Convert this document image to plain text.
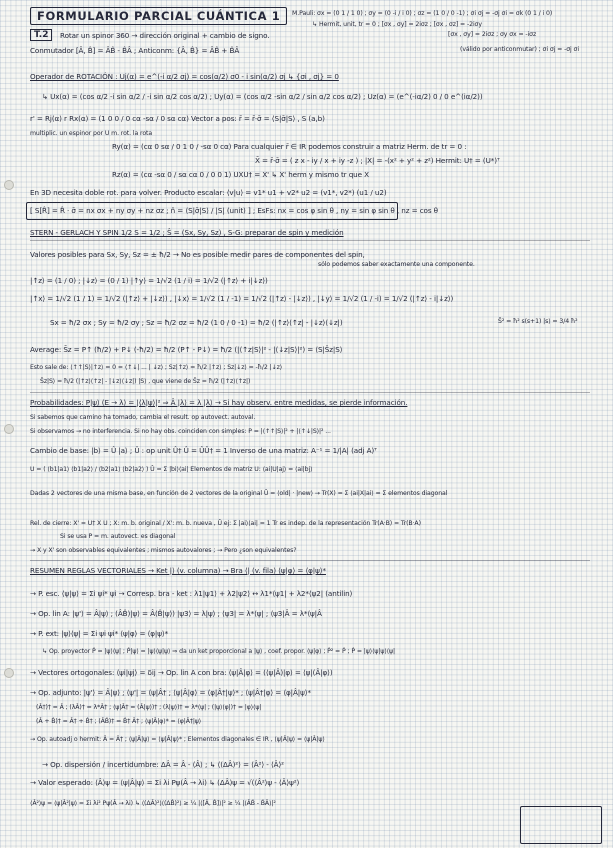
FORMULARIO PARCIAL CUÁNTICA 1
T.2
M.Pauli: σx = (0 1 / 1 0) ; σy = (0 -i / i 0) ; σz = (1 0 / 0 -1) ; σi σj = -σj σi = σk (0 1 / i 0)
↳ Hermit, unit, tr = 0 ; [σx , σy] = 2iσz ; [σx , σz] = -2iσy
Rotar un spinor 360 → dirección original + cambio de signo.	[σx , σy] = 2iσz ; σy σx = -iσz
Conmutador [Â, B̂] = ÂB̂ - B̂Â ; Anticonm: {Â, B̂} = ÂB̂ + B̂Â	(válido por anticonmutar) ; σi σj = -σj σi
Operador de ROTACIÓN : Uj(α) = e^(-i α/2 σj) = cos(α/2) σ0 - i sin(α/2) σj ↳ {σi , σj} = 0
↳ Ux(α) = (cos α/2 -i sin α/2 / -i sin α/2 cos α/2) ; Uy(α) = (cos α/2 -sin α/2 / sin α/2 cos α/2) ; Uz(α) = (e^(-iα/2) 0 / 0 e^(iα/2))
r' = Rj(α) r Rx(α) = (1 0 0 / 0 cα -sα / 0 sα cα) Vector a pos: r̄ = r̄·σ̄ = ⟨S|σ̄|S⟩ , S (a,b)
multiplic. un espinor por U m. rot. la rota
Ry(α) = (cα 0 sα / 0 1 0 / -sα 0 cα) Para cualquier r̄ ∈ IR podemos construir a matriz Herm. de tr = 0 :
X̄ = r̄·σ̄ = ( z x - iy / x + iy -z ) ; |X| = -(x² + y² + z²) Hermit: U† = (U*)ᵀ
Rz(α) = (cα -sα 0 / sα cα 0 / 0 0 1) UXU† = X' ↳ X' herm y mismo tr que X
En 3D necesita doble rot. para volver. Producto escalar: ⟨v|u⟩ = v1* u1 + v2* u2 = (v1*, v2*) (u1 / u2)
[ S[R̂] = R̂ · σ̄ = nx σx + ny σy + nz σz ; n̂ = ⟨S|σ̄|S⟩ / |S| (unit) ] ; EsFs: nx = cos φ sin θ , ny = sin φ sin θ , nz = cos θ
STERN - GERLACH Y SPIN 1/2 S = 1/2 ; Ŝ = (Sx, Sy, Sz) , S-G: preparar de spin y medición
Valores posibles para Sx, Sy, Sz = ± ħ/2 → No es posible medir pares de componentes del spin,
sólo podemos saber exactamente una componente.
|↑z⟩ = (1 / 0) ; |↓z⟩ = (0 / 1) |↑y⟩ = 1/√2 (1 / i) = 1/√2 (|↑z⟩ + i|↓z⟩)
|↑x⟩ = 1/√2 (1 / 1) = 1/√2 (|↑z⟩ + |↓z⟩) , |↓x⟩ = 1/√2 (1 / -1) = 1/√2 (|↑z⟩ - |↓z⟩) , |↓y⟩ = 1/√2 (1 / -i) = 1/√2 (|↑z⟩ - i|↓z⟩)
Sx = ħ/2 σx ; Sy = ħ/2 σy ; Sz = ħ/2 σz = ħ/2 (1 0 / 0 -1) = ħ/2 (|↑z⟩⟨↑z| - |↓z⟩⟨↓z|)	Ŝ² = ħ² s(s+1) |s⟩ = 3/4 ħ²
Average: S̄z = P↑ (ħ/2) + P↓ (-ħ/2) = ħ/2 (P↑ - P↓) = ħ/2 (|⟨↑z|S⟩|² - |⟨↓z|S⟩|²) = ⟨S|Ŝz|S⟩
Esto sale de: ⟨↑↑|S⟩|↑z⟩ = 0 = ⟨↑↓| ... | ↓z⟩ ; Sz|↑z⟩ = ħ/2 |↑z⟩ ; Sz|↓z⟩ = -ħ/2 |↓z⟩
S̄z|S⟩ = ħ/2 (|↑z⟩⟨↑z| - |↓z⟩⟨↓z|) |S⟩ , que viene de S̄z = ħ/2 (|↑z⟩⟨↑z|)
Probabilidades: P|ψ⟩ (E → λ) = |⟨λ|ψ⟩|² ⇒ Â |λ⟩ = λ |λ⟩ → Si hay observ. entre medidas, se pierde información.
Si sabemos que camino ha tomado, cambia el result. op autovect. autoval.
Si observamos → no interferencia. Si no hay obs. coinciden con simples: P = |⟨↑↑|S⟩|² + |⟨↑↓|S⟩|² ...
Cambio de base: |b⟩ = Û |a⟩ ; Û : op unit Û† Û = ÛÛ† = 1 Inverso de una matriz: A⁻¹ = 1/|A| (adj A)ᵀ
U = ( ⟨b1|a1⟩ ⟨b1|a2⟩ / ⟨b2|a1⟩ ⟨b2|a2⟩ ) Û = Σ |bi⟩⟨ai| Elementos de matriz U: ⟨ai|U|aj⟩ = ⟨ai|bj⟩
Dadas 2 vectores de una misma base, en función de 2 vectores de la original Û = ⟨old| · |new⟩ → Tr(X) = Σ ⟨ai|X|ai⟩ = Σ elementos diagonal
Rel. de cierre: X' = U† X U ; X: m. b. original / X': m. b. nueva , Û ej: Σ |ai⟩⟨ai| = 1 Tr es indep. de la representación Tr(A·B) = Tr(B·A)
Si se usa P = m. autovect. es diagonal
→ X y X' son observables equivalentes ; mismos autovalores ; → Pero ¿son equivalentes?
RESUMEN REGLAS VECTORIALES → Ket |⟩ (v. columna) → Bra ⟨| (v. fila) ⟨ψ|φ⟩ = ⟨φ|ψ⟩*
→ P. esc. ⟨ψ|ψ⟩ = Σi ψi* ψi → Corresp. bra - ket : λ1|ψ1⟩ + λ2|ψ2⟩ ↔ λ1*⟨ψ1| + λ2*⟨ψ2| (antilin)
→ Op. lin A: |ψ'⟩ = Â|ψ⟩ ; (ÂB̂)|ψ⟩ = Â(B̂|ψ⟩) |ψ3⟩ = λ|ψ⟩ ; ⟨ψ3| = λ*⟨ψ| ; ⟨ψ3|Â = λ*⟨ψ|Â
→ P. ext: |ψ⟩⟨ψ| = Σi ψi ψi* ⟨ψ|φ⟩ = ⟨φ|ψ⟩*
↳ Op. proyector P̂ = |ψ⟩⟨ψ| ; P̂|ψ⟩ = |ψ⟩⟨ψ|ψ⟩ ⇒ da un ket proporcional a |ψ⟩ , coef. propor. ⟨ψ|φ⟩ ; P̂² = P̂ ; P̂ = |ψ⟩⟨ψ|ψ⟩⟨ψ|
→ Vectores ortogonales: ⟨ψi|ψj⟩ = δij → Op. lin A con bra: ⟨ψ|Â|φ⟩ = (⟨ψ|Â)|φ⟩ = ⟨ψ|(Â|φ⟩)
→ Op. adjunto: |ψ'⟩ = Â|ψ⟩ ; ⟨ψ'| = ⟨ψ|Â† ; ⟨ψ|Â|φ⟩ = ⟨φ|Â†|ψ⟩* ; ⟨ψ|Â†|φ⟩ = ⟨φ|Â|ψ⟩*
(Â†)† = Â ; (λÂ)† = λ*Â† ; ⟨ψ|Â† = (Â|ψ⟩)† ; (λ|ψ⟩)† = λ*⟨ψ| ; (|ψ⟩⟨φ|)† = |φ⟩⟨ψ|
(Â + B̂)† = Â† + B̂† ; (ÂB̂)† = B̂† Â† ; ⟨ψ|Â|φ⟩* = ⟨φ|Â†|ψ⟩
→ Op. autoadj o hermit: Â = Â† ; ⟨ψ|Â|ψ⟩ = ⟨ψ|Â|ψ⟩* ; Elementos diagonales ∈ IR , ⟨ψ|Â|ψ⟩ = ⟨ψ|Â|ψ⟩
→ Op. dispersión / incertidumbre: ΔÂ = Â - ⟨Â⟩ ; ↳ ⟨(ΔÂ)²⟩ = ⟨Â²⟩ - ⟨Â⟩²
→ Valor esperado: ⟨Â⟩ψ = ⟨ψ|Â|ψ⟩ = Σi λi Pψ(Â → λi) ↳ (ΔÂ)ψ = √(⟨Â²⟩ψ - ⟨Â⟩ψ²)
⟨Â²⟩ψ = ⟨ψ|Â²|ψ⟩ = Σi λi² Pψ(Â → λi) ↳ ⟨(ΔÂ)²⟩⟨(ΔB̂)²⟩ ≥ ¼ |⟨[Â, B̂]⟩|² ≥ ¼ |⟨ÂB̂ - B̂Â⟩|²
